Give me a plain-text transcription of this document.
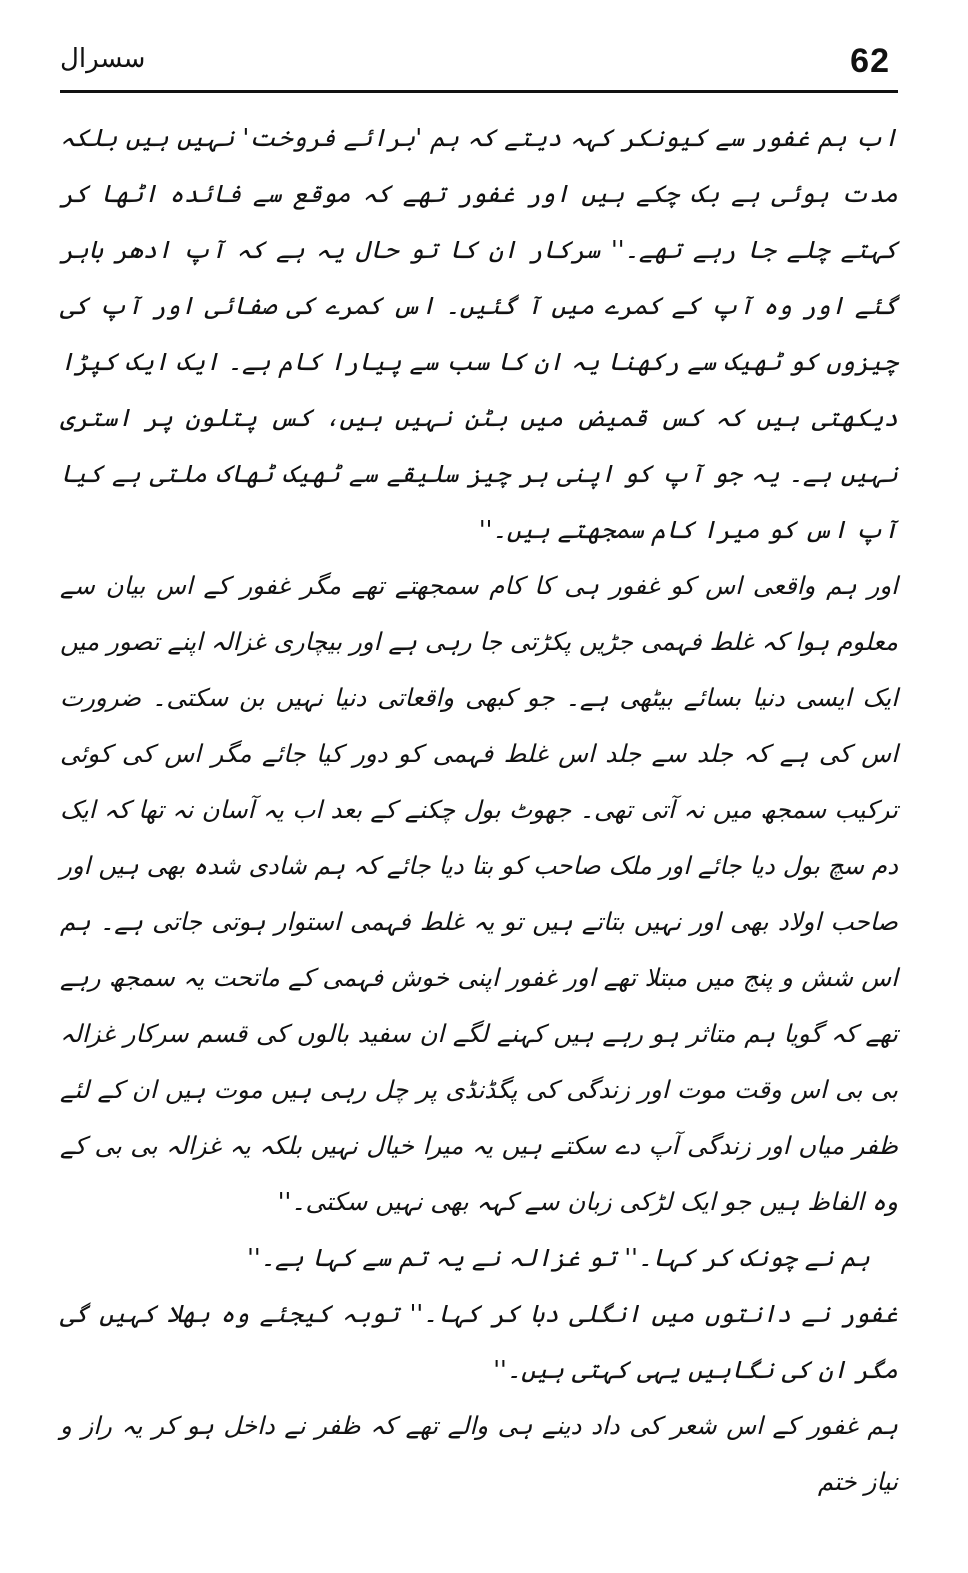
سسرال	62

اب ہم غفور سے کیونکر کہہ دیتے کہ ہم 'برائے فروخت' نہیں ہیں بلکہ مدت ہوئی ہے بک چکے ہیں اور غفور تھے کہ موقع سے فائدہ اٹھا کر کہتے چلے جا رہے تھے۔'' سرکار ان کا تو حال یہ ہے کہ آپ ادھر باہر گئے اور وہ آپ کے کمرے میں آ گئیں۔ اس کمرے کی صفائی اور آپ کی چیزوں کو ٹھیک سے رکھنا یہ ان کا سب سے پیارا کام ہے۔ ایک ایک کپڑا دیکھتی ہیں کہ کس قمیض میں بٹن نہیں ہیں، کس پتلون پر استری نہیں ہے۔ یہ جو آپ کو اپنی ہر چیز سلیقے سے ٹھیک ٹھاک ملتی ہے کیا آپ اس کو میرا کام سمجھتے ہیں۔''

اور ہم واقعی اس کو غفور ہی کا کام سمجھتے تھے مگر غفور کے اس بیان سے معلوم ہوا کہ غلط فہمی جڑیں پکڑتی جا رہی ہے اور بیچاری غزالہ اپنے تصور میں ایک ایسی دنیا بسائے بیٹھی ہے۔ جو کبھی واقعاتی دنیا نہیں بن سکتی۔ ضرورت اس کی ہے کہ جلد سے جلد اس غلط فہمی کو دور کیا جائے مگر اس کی کوئی ترکیب سمجھ میں نہ آتی تھی۔ جھوٹ بول چکنے کے بعد اب یہ آسان نہ تھا کہ ایک دم سچ بول دیا جائے اور ملک صاحب کو بتا دیا جائے کہ ہم شادی شدہ بھی ہیں اور صاحب اولاد بھی اور نہیں بتاتے ہیں تو یہ غلط فہمی استوار ہوتی جاتی ہے۔ ہم اس شش و پنج میں مبتلا تھے اور غفور اپنی خوش فہمی کے ماتحت یہ سمجھ رہے تھے کہ گویا ہم متاثر ہو رہے ہیں کہنے لگے ان سفید بالوں کی قسم سرکار غزالہ بی بی اس وقت موت اور زندگی کی پگڈنڈی پر چل رہی ہیں موت ہیں ان کے لئے ظفر میاں اور زندگی آپ دے سکتے ہیں یہ میرا خیال نہیں بلکہ یہ غزالہ بی بی کے وہ الفاظ ہیں جو ایک لڑکی زبان سے کہہ بھی نہیں سکتی۔''

ہم نے چونک کر کہا۔'' تو غزالہ نے یہ تم سے کہا ہے۔''

غفور نے دانتوں میں انگلی دبا کر کہا۔'' توبہ کیجئے وہ بھلا کہیں گی مگر ان کی نگاہیں یہی کہتی ہیں۔''

ہم غفور کے اس شعر کی داد دینے ہی والے تھے کہ ظفر نے داخل ہو کر یہ راز و نیاز ختم
